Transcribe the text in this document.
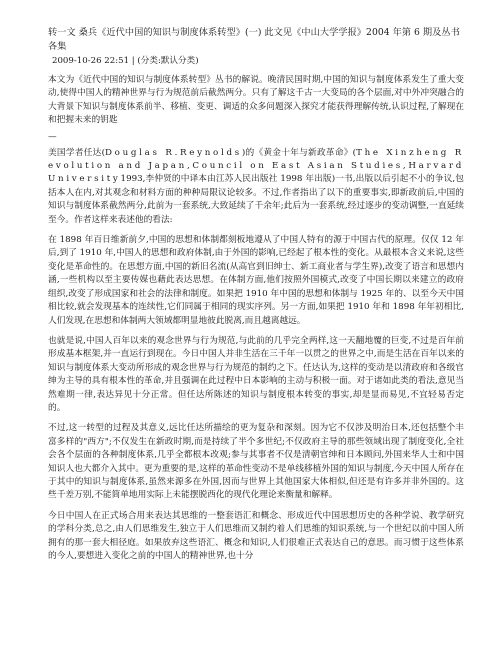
转一文 桑兵《近代中国的知识与制度体系转型》(一) 此文见《中山大学学报》2004 年第 6 期及丛书各集

2009-10-26 22:51 | (分类:默认分类)

本文为《近代中国的知识与制度体系转型》丛书的解说。晚清民国时期,中国的知识与制度体系发生了重大变动,使得中国人的精神世界与行为规范前后截然两分。只有了解这千古一大变局的各个层面,对中外冲突融合的大背景下知识与制度体系前半、移植、变更、调适的众多问题深入探究才能获得理解传统,认识过程,了解现在和把握未来的钥匙

—

美国学者任达(Douglas R.Reynolds)的《黄金十年与新政革命》(The Xinzheng Revolution and Japan,Council on East Asian Studies,Harvard University1993,李仲贤的中译本由江苏人民出版社 1998 年出版)一书,出版以后引起不小的争议,包括本人在内,对其观念和材料方面的种种局限议论较多。不过,作者指出了以下的重要事实,即新政前后,中国的知识与制度体系截然两分,此前为一套系统,大致延续了千余年;此后为一套系统,经过逐步的变动调整,一直延续至今。作者这样来表述他的看法:

在 1898 年百日维新前夕,中国的思想和体制都刻板地遵从了中国人特有的源于中国古代的原理。仅仅 12 年后,到了 1910 年,中国人的思想和政府体制,由于外国的影响,已经起了根本性的变化。从最根本含义来说,这些变化是革命性的。在思想方面,中国的新旧名流(从高官到旧绅士、新工商业者与学生界),改变了语言和思想内涵,一些机构以至主要传媒也藉此表达思想。在体制方面,他们按照外国模式,改变了中国长期以来建立的政府组织,改变了形成国家和社会的法律和制度。如果把 1910 年中国的思想和体制与 1925 年的、以至今天中国相比较,就会发现基本的连续性,它们同属于相同的现实序列。另一方面,如果把 1910 年和 1898 年年初相比,人们发现,在思想和体制两大领域都明显地彼此脱离,而且越离越远。

也就是说,中国人百年以来的观念世界与行为规范,与此前的几乎完全两样,这一天翻地覆的巨变,不过是百年前形成基本框架,并一直运行到现在。今日中国人并非生活在三千年一以贯之的世界之中,而是生活在百年以来的知识与制度体系大变动所形成的观念世界与行为规范的制约之下。任达认为,这样的变动是以清政府和各级官绅为主导的具有根本性的革命,并且强调在此过程中日本影响的主动与积极一面。对于诸如此类的看法,意见当然难期一律,表达异见十分正常。但任达所陈述的知识与制度根本转变的事实,却是显而易见,不宜轻易否定的。

不过,这一转型的过程及其意义,远比任达所描绘的更为复杂和深刻。因为它不仅涉及明治日本,还包括整个丰富多样的"西方";不仅发生在新政时期,而是持续了半个多世纪;不仅政府主导的那些领域出现了制度变化,全社会各个层面的各种制度体系,几乎全都根本改观;参与其事者不仅是清朝官绅和日本顾问,外国来华人士和中国知识人也大都介入其中。更为重要的是,这样的革命性变动不是单线移植外国的知识与制度,今天中国人所存在于其中的知识与制度体系,虽然来源多在外国,因而与世界上其他国家大体相似,但还是有许多并非外国的。这些千差万别,不能简单地用实际上未能摆脱西化的现代化理论来衡量和解释。

今日中国人在正式场合用来表达其思维的一整套语汇和概念、形成近代中国思想历史的各种学说、教学研究的学科分类,总之,由人们思维发生,独立于人们思维而又制约着人们思维的知识系统,与一个世纪以前中国人所拥有的那一套大相径庭。如果放弃这些语汇、概念和知识,人们很难正式表达自己的意思。而习惯于这些体系的今人,要想进入变化之前的中国人的精神世界,也十分
